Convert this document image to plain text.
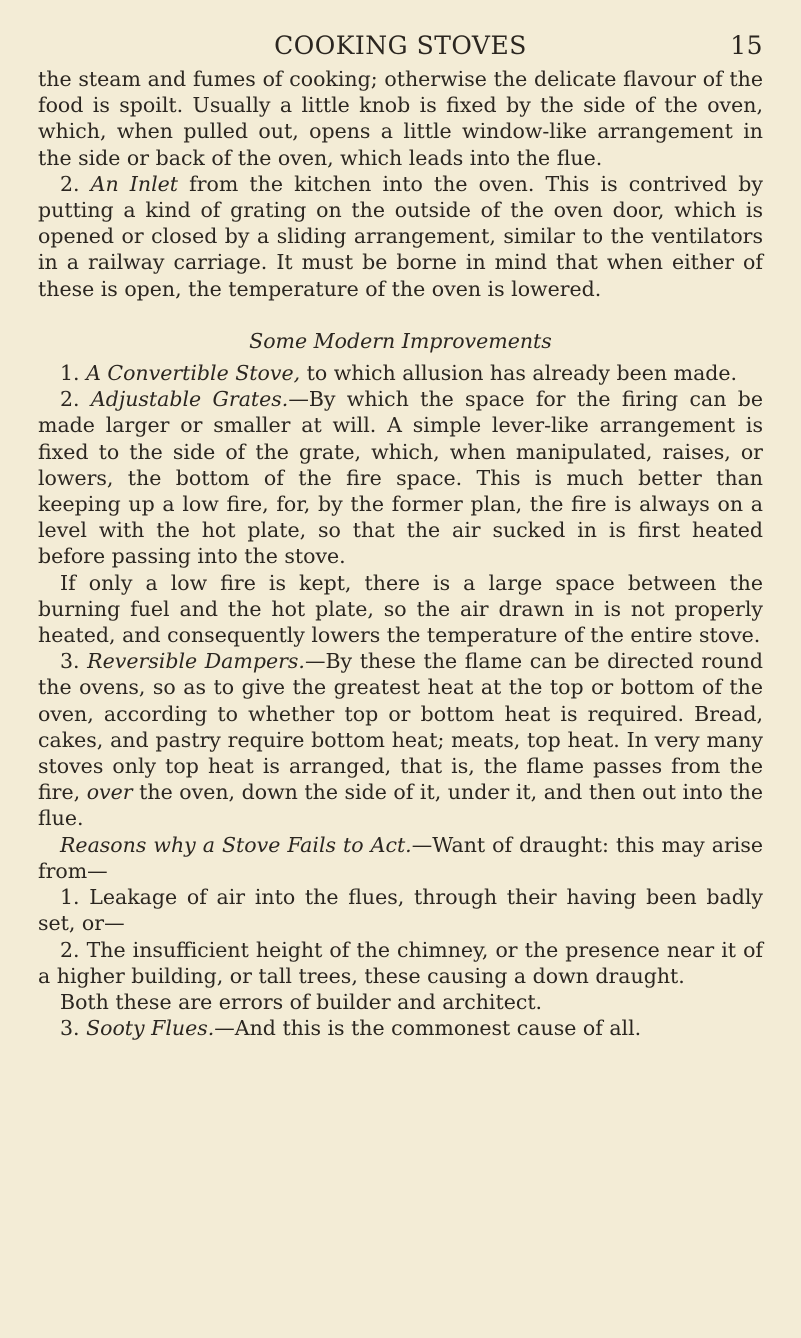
COOKING STOVES	15

the steam and fumes of cooking; otherwise the delicate flavour of the food is spoilt. Usually a little knob is fixed by the side of the oven, which, when pulled out, opens a little window-like arrangement in the side or back of the oven, which leads into the flue.

2. An Inlet from the kitchen into the oven. This is contrived by putting a kind of grating on the outside of the oven door, which is opened or closed by a sliding arrangement, similar to the ventilators in a railway carriage. It must be borne in mind that when either of these is open, the temperature of the oven is lowered.

Some Modern Improvements

1. A Convertible Stove, to which allusion has already been made.

2. Adjustable Grates.—By which the space for the firing can be made larger or smaller at will. A simple lever-like arrangement is fixed to the side of the grate, which, when manipulated, raises, or lowers, the bottom of the fire space. This is much better than keeping up a low fire, for, by the former plan, the fire is always on a level with the hot plate, so that the air sucked in is first heated before passing into the stove.

If only a low fire is kept, there is a large space between the burning fuel and the hot plate, so the air drawn in is not properly heated, and consequently lowers the temperature of the entire stove.

3. Reversible Dampers.—By these the flame can be directed round the ovens, so as to give the greatest heat at the top or bottom of the oven, according to whether top or bottom heat is required. Bread, cakes, and pastry require bottom heat; meats, top heat. In very many stoves only top heat is arranged, that is, the flame passes from the fire, over the oven, down the side of it, under it, and then out into the flue.

Reasons why a Stove Fails to Act.—Want of draught: this may arise from—

1. Leakage of air into the flues, through their having been badly set, or—

2. The insufficient height of the chimney, or the presence near it of a higher building, or tall trees, these causing a down draught.

Both these are errors of builder and architect.

3. Sooty Flues.—And this is the commonest cause of all.
